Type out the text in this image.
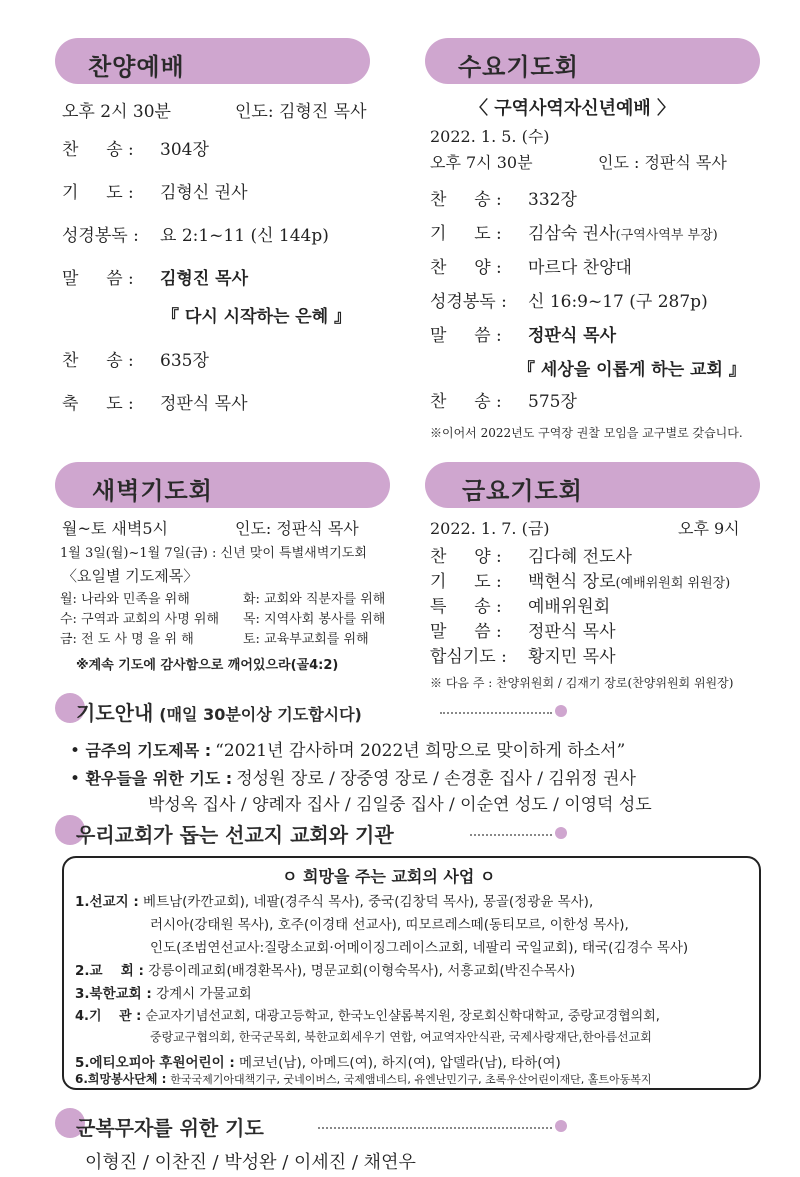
찬양예배
오후 2시 30분	인도: 김형진 목사
찬 　 송 : 304장
기 　 도 : 김형신 권사
성경봉독 : 요 2:1~11 (신 144p)
말 　 씀 : 김형진 목사
『 다시 시작하는 은혜 』
찬 　 송 : 635장
축 　 도 : 정판식 목사
수요기도회
〈 구역사역자신년예배 〉
2022. 1. 5. (수)
오후 7시 30분	인도 : 정판식 목사
찬 　 송 : 332장
기 　 도 : 김삼숙 권사(구역사역부 부장)
찬 　 양 : 마르다 찬양대
성경봉독 : 신 16:9~17 (구 287p)
말 　 씀 : 정판식 목사
『 세상을 이롭게 하는 교회 』
찬 　 송 : 575장
※이어서 2022년도 구역장 권찰 모임을 교구별로 갖습니다.
새벽기도회
월~토 새벽5시	인도: 정판식 목사
1월 3일(월)~1월 7일(금) : 신년 맞이 특별새벽기도회
〈요일별 기도제목〉
월: 나라와 민족을 위해	화: 교회와 직분자를 위해
수: 구역과 교회의 사명 위해 목: 지역사회 봉사를 위해
금: 전 도 사 명 을 위 해	토: 교육부교회를 위해
※계속 기도에 감사함으로 깨어있으라(골4:2)
금요기도회
2022. 1. 7. (금)	오후 9시
찬 　 양 : 김다혜 전도사
기 　 도 : 백현식 장로(예배위원회 위원장)
특 　 송 : 예배위원회
말 　 씀 : 정판식 목사
합심기도 : 황지민 목사
※ 다음 주 : 찬양위원회 / 김재기 장로(찬양위원회 위원장)
기도안내 (매일 30분이상 기도합시다)
• 금주의 기도제목 : “2021년 감사하며 2022년 희망으로 맞이하게 하소서”
• 환우들을 위한 기도 : 정성원 장로 / 장중영 장로 / 손경훈 집사 / 김위정 권사
박성옥 집사 / 양례자 집사 / 김일중 집사 / 이순연 성도 / 이영덕 성도
우리교회가 돕는 선교지 교회와 기관
ㅇ 희망을 주는 교회의 사업 ㅇ
1.선교지 : 베트남(카깐교회), 네팔(경주식 목사), 중국(김창덕 목사), 몽골(정광윤 목사),
러시아(강태원 목사), 호주(이경태 선교사), 띠모르레스떼(동티모르, 이한성 목사),
인도(조범연선교사:질랑소교회·어메이징그레이스교회, 네팔리 국일교회), 태국(김경수 목사)
2.교 　회 : 강릉이레교회(배경환목사), 명문교회(이형숙목사), 서흥교회(박진수목사)
3.북한교회 : 강계시 가물교회
4.기 　관 : 순교자기념선교회, 대광고등학교, 한국노인샬롬복지원, 장로회신학대학교, 중랑교경협의회,
중랑교구협의회, 한국군목회, 북한교회세우기 연합, 여교역자안식관, 국제사랑재단,한아름선교회
5.에티오피아 후원어린이 : 메코넌(남), 아메드(여), 하지(여), 압델라(남), 타하(여)
6.희망봉사단체 : 한국국제기아대책기구, 굿네이버스, 국제앰네스티, 유엔난민기구, 초록우산어린이재단, 홀트아동복지
군복무자를 위한 기도
이형진 / 이찬진 / 박성완 / 이세진 / 채연우
